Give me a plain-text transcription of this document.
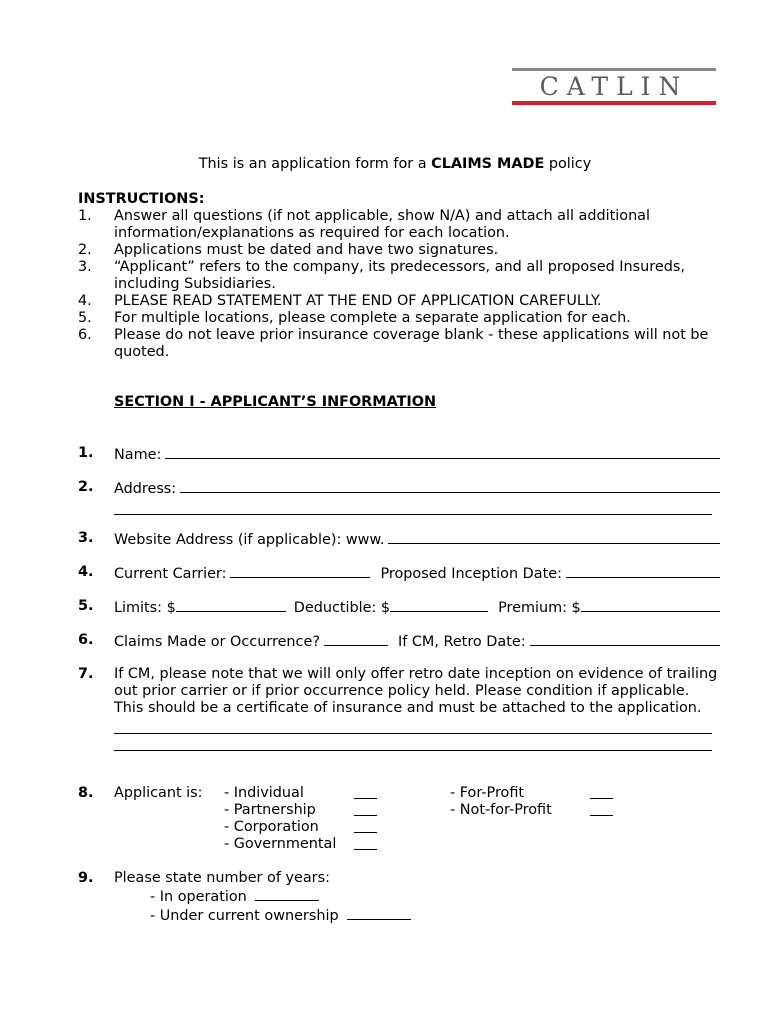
CATLIN
This is an application form for a CLAIMS MADE policy
INSTRUCTIONS:
1.	Answer all questions (if not applicable, show N/A) and attach all additional information/explanations as required for each location.
2.	Applications must be dated and have two signatures.
3.	“Applicant” refers to the company, its predecessors, and all proposed Insureds, including Subsidiaries.
4.	PLEASE READ STATEMENT AT THE END OF APPLICATION CAREFULLY.
5.	For multiple locations, please complete a separate application for each.
6.	Please do not leave prior insurance coverage blank - these applications will not be quoted.
SECTION I - APPLICANT’S INFORMATION
1. Name:
2. Address:
3. Website Address (if applicable): www.
4. Current Carrier:	Proposed Inception Date:
5. Limits: $	Deductible: $	Premium: $
6. Claims Made or Occurrence?	If CM, Retro Date:
7. If CM, please note that we will only offer retro date inception on evidence of trailing out prior carrier or if prior occurrence policy held. Please condition if applicable. This should be a certificate of insurance and must be attached to the application.
8. Applicant is: - Individual
- Partnership
- Corporation
- Governmental
- For-Profit
- Not-for-Profit
9. Please state number of years:
- In operation
- Under current ownership
